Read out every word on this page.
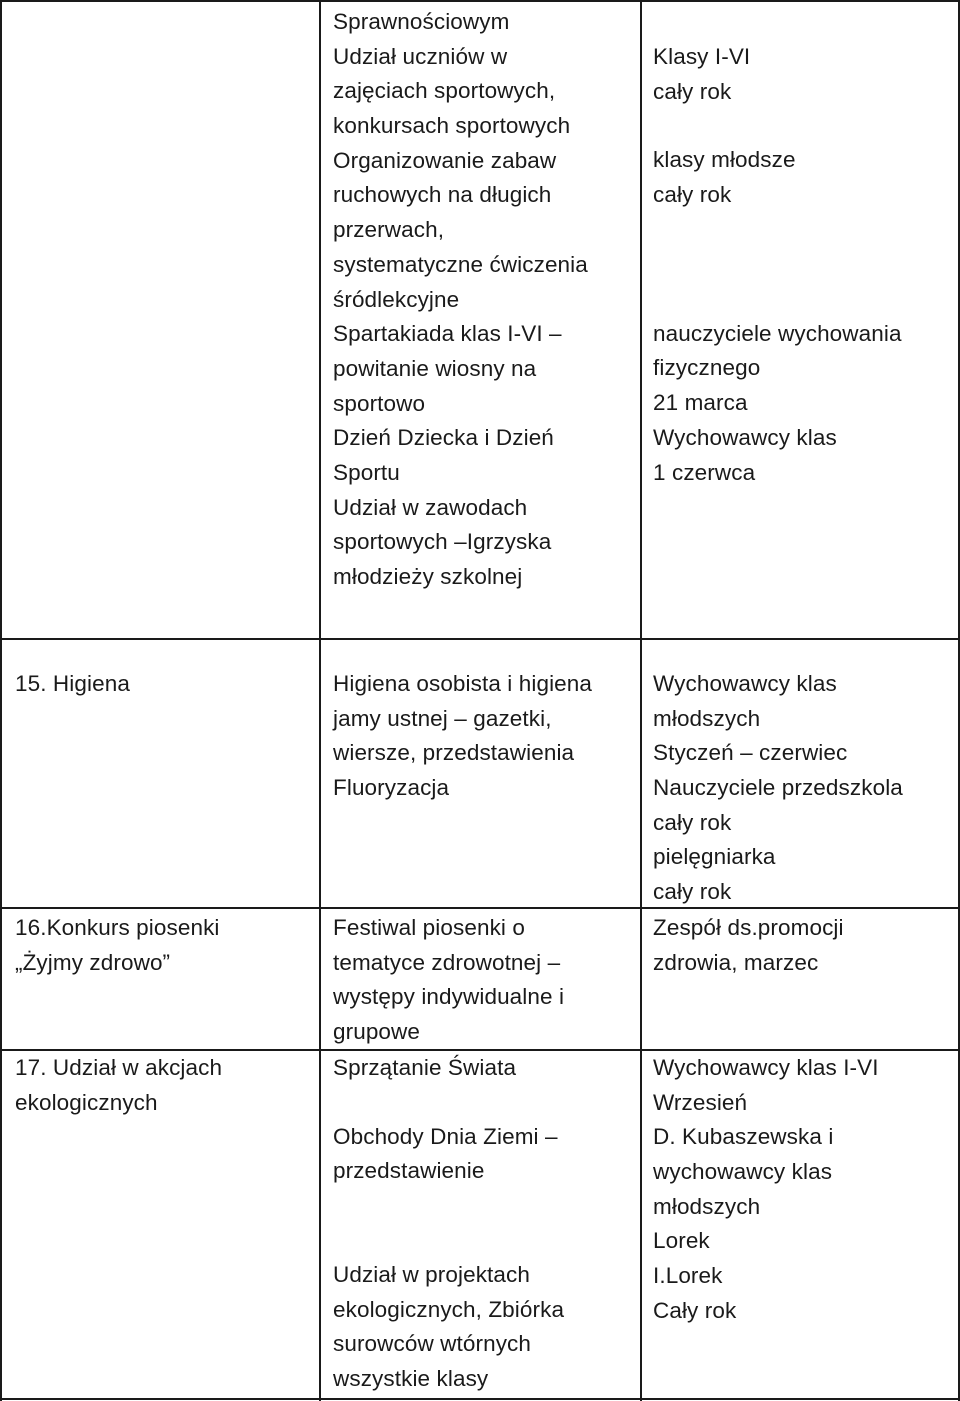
Sprawnościowym
Udział uczniów w
zajęciach sportowych,
konkursach sportowych
Organizowanie zabaw
ruchowych na długich
przerwach,
systematyczne ćwiczenia
śródlekcyjne
Spartakiada klas I-VI –
powitanie wiosny na
sportowo
Dzień Dziecka i Dzień
Sportu
Udział w zawodach
sportowych –Igrzyska
młodzieży szkolnej
Klasy I-VI
cały rok
klasy młodsze
cały rok
nauczyciele wychowania
fizycznego
21 marca
Wychowawcy klas
1 czerwca
15. Higiena	Higiena osobista i higiena
jamy ustnej – gazetki,
wiersze, przedstawienia
Fluoryzacja
Wychowawcy klas
młodszych
Styczeń – czerwiec
Nauczyciele przedszkola
cały rok
pielęgniarka
cały rok
16.Konkurs piosenki
„Żyjmy zdrowo”
Festiwal piosenki o
tematyce zdrowotnej –
występy indywidualne i
grupowe
Zespół ds.promocji
zdrowia, marzec
17. Udział w akcjach
ekologicznych
Sprzątanie Świata
Obchody Dnia Ziemi –
przedstawienie
Udział w projektach
ekologicznych, Zbiórka
surowców wtórnych
wszystkie klasy
Wychowawcy klas I-VI
Wrzesień
D. Kubaszewska i
wychowawcy klas
młodszych
Lorek
I.Lorek
Cały rok
